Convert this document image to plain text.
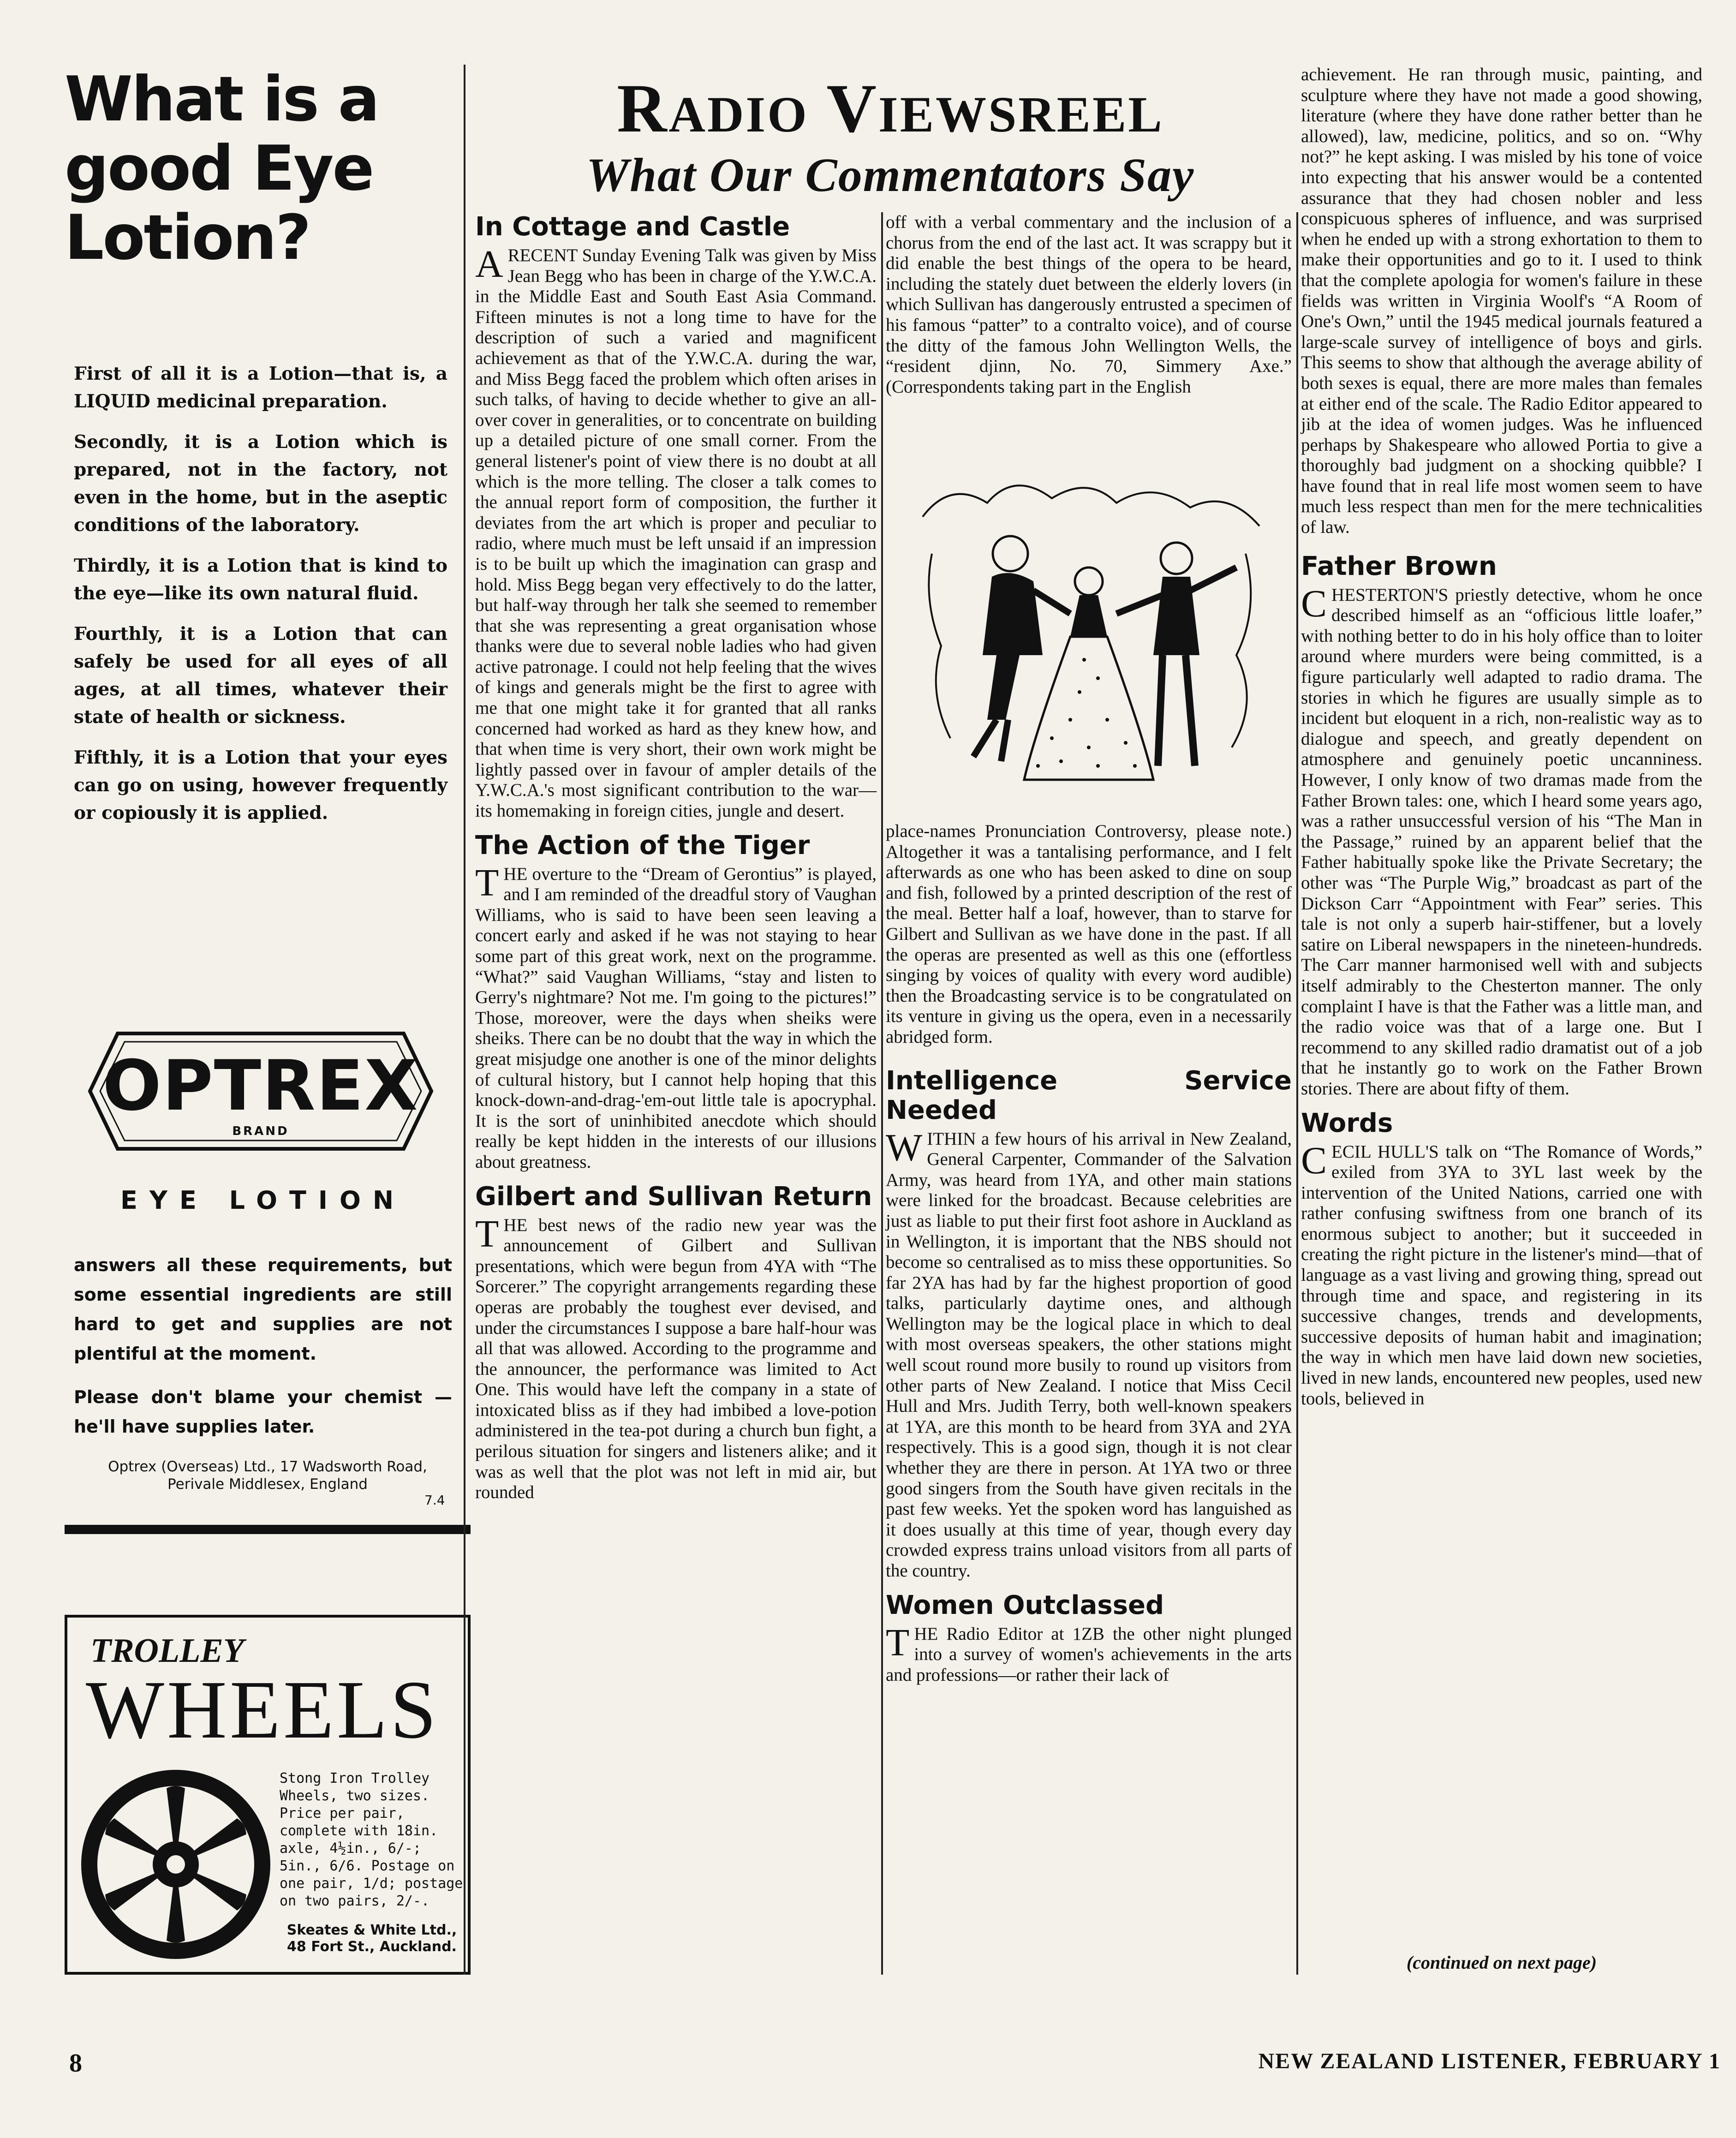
What is a good Eye Lotion?

First of all it is a Lotion—that is, a LIQUID medicinal preparation.

Secondly, it is a Lotion which is prepared, not in the factory, not even in the home, but in the aseptic conditions of the laboratory.

Thirdly, it is a Lotion that is kind to the eye—like its own natural fluid.

Fourthly, it is a Lotion that can safely be used for all eyes of all ages, at all times, whatever their state of health or sickness.

Fifthly, it is a Lotion that your eyes can go on using, however frequently or copiously it is applied.

OPTREX
BRAND
EYE LOTION

answers all these requirements, but some essential ingredients are still hard to get and supplies are not plentiful at the moment.

Please don't blame your chemist —he'll have supplies later.

Optrex (Overseas) Ltd., 17 Wadsworth Road, Perivale Middlesex, England
7.4
TROLLEY
WHEELS
Stong Iron Trolley Wheels, two sizes. Price per pair, complete with 18in. axle, 4½in., 6/-; 5in., 6/6. Postage on one pair, 1/d; postage on two pairs, 2/-.
Skeates & White Ltd., 48 Fort St., Auckland.
RADIO VIEWSREEL
What Our Commentators Say
In Cottage and Castle

ARECENT Sunday Evening Talk was given by Miss Jean Begg who has been in charge of the Y.W.C.A. in the Middle East and South East Asia Command. Fifteen minutes is not a long time to have for the description of such a varied and magnificent achievement as that of the Y.W.C.A. during the war, and Miss Begg faced the problem which often arises in such talks, of having to decide whether to give an all-over cover in generalities, or to concentrate on building up a detailed picture of one small corner. From the general listener's point of view there is no doubt at all which is the more telling. The closer a talk comes to the annual report form of composition, the further it deviates from the art which is proper and peculiar to radio, where much must be left unsaid if an impression is to be built up which the imagination can grasp and hold. Miss Begg began very effectively to do the latter, but half-way through her talk she seemed to remember that she was representing a great organisation whose thanks were due to several noble ladies who had given active patronage. I could not help feeling that the wives of kings and generals might be the first to agree with me that one might take it for granted that all ranks concerned had worked as hard as they knew how, and that when time is very short, their own work might be lightly passed over in favour of ampler details of the Y.W.C.A.'s most significant contribution to the war—its homemaking in foreign cities, jungle and desert.

The Action of the Tiger

THE overture to the “Dream of Gerontius” is played, and I am reminded of the dreadful story of Vaughan Williams, who is said to have been seen leaving a concert early and asked if he was not staying to hear some part of this great work, next on the programme. “What?” said Vaughan Williams, “stay and listen to Gerry's nightmare? Not me. I'm going to the pictures!” Those, moreover, were the days when sheiks were sheiks. There can be no doubt that the way in which the great misjudge one another is one of the minor delights of cultural history, but I cannot help hoping that this knock-down-and-drag-'em-out little tale is apocryphal. It is the sort of uninhibited anecdote which should really be kept hidden in the interests of our illusions about greatness.

Gilbert and Sullivan Return

THE best news of the radio new year was the announcement of Gilbert and Sullivan presentations, which were begun from 4YA with “The Sorcerer.” The copyright arrangements regarding these operas are probably the toughest ever devised, and under the circumstances I suppose a bare half-hour was all that was allowed. According to the programme and the announcer, the performance was limited to Act One. This would have left the company in a state of intoxicated bliss as if they had imbibed a love-potion administered in the tea-pot during a church bun fight, a perilous situation for singers and listeners alike; and it was as well that the plot was not left in mid air, but rounded

off with a verbal commentary and the inclusion of a chorus from the end of the last act. It was scrappy but it did enable the best things of the opera to be heard, including the stately duet between the elderly lovers (in which Sullivan has dangerously entrusted a specimen of his famous “patter” to a contralto voice), and of course the ditty of the famous John Wellington Wells, the “resident djinn, No. 70, Simmery Axe.” (Correspondents taking part in the English

place-names Pronunciation Controversy, please note.) Altogether it was a tantalising performance, and I felt afterwards as one who has been asked to dine on soup and fish, followed by a printed description of the rest of the meal. Better half a loaf, however, than to starve for Gilbert and Sullivan as we have done in the past. If all the operas are presented as well as this one (effortless singing by voices of quality with every word audible) then the Broadcasting service is to be congratulated on its venture in giving us the opera, even in a necessarily abridged form.

Intelligence Service Needed

WITHIN a few hours of his arrival in New Zealand, General Carpenter, Commander of the Salvation Army, was heard from 1YA, and other main stations were linked for the broadcast. Because celebrities are just as liable to put their first foot ashore in Auckland as in Wellington, it is important that the NBS should not become so centralised as to miss these opportunities. So far 2YA has had by far the highest proportion of good talks, particularly daytime ones, and although Wellington may be the logical place in which to deal with most overseas speakers, the other stations might well scout round more busily to round up visitors from other parts of New Zealand. I notice that Miss Cecil Hull and Mrs. Judith Terry, both well-known speakers at 1YA, are this month to be heard from 3YA and 2YA respectively. This is a good sign, though it is not clear whether they are there in person. At 1YA two or three good singers from the South have given recitals in the past few weeks. Yet the spoken word has languished as it does usually at this time of year, though every day crowded express trains unload visitors from all parts of the country.

Women Outclassed

THE Radio Editor at 1ZB the other night plunged into a survey of women's achievements in the arts and professions—or rather their lack of

achievement. He ran through music, painting, and sculpture where they have not made a good showing, literature (where they have done rather better than he allowed), law, medicine, politics, and so on. “Why not?” he kept asking. I was misled by his tone of voice into expecting that his answer would be a contented assurance that they had chosen nobler and less conspicuous spheres of influence, and was surprised when he ended up with a strong exhortation to them to make their opportunities and go to it. I used to think that the complete apologia for women's failure in these fields was written in Virginia Woolf's “A Room of One's Own,” until the 1945 medical journals featured a large-scale survey of intelligence of boys and girls. This seems to show that although the average ability of both sexes is equal, there are more males than females at either end of the scale. The Radio Editor appeared to jib at the idea of women judges. Was he influenced perhaps by Shakespeare who allowed Portia to give a thoroughly bad judgment on a shocking quibble? I have found that in real life most women seem to have much less respect than men for the mere technicalities of law.

Father Brown

CHESTERTON'S priestly detective, whom he once described himself as an “officious little loafer,” with nothing better to do in his holy office than to loiter around where murders were being committed, is a figure particularly well adapted to radio drama. The stories in which he figures are usually simple as to incident but eloquent in a rich, non-realistic way as to dialogue and speech, and greatly dependent on atmosphere and genuinely poetic uncanniness. However, I only know of two dramas made from the Father Brown tales: one, which I heard some years ago, was a rather unsuccessful version of his “The Man in the Passage,” ruined by an apparent belief that the Father habitually spoke like the Private Secretary; the other was “The Purple Wig,” broadcast as part of the Dickson Carr “Appointment with Fear” series. This tale is not only a superb hair-stiffener, but a lovely satire on Liberal newspapers in the nineteen-hundreds. The Carr manner harmonised well with and subjects itself admirably to the Chesterton manner. The only complaint I have is that the Father was a little man, and the radio voice was that of a large one. But I recommend to any skilled radio dramatist out of a job that he instantly go to work on the Father Brown stories. There are about fifty of them.

Words

CECIL HULL'S talk on “The Romance of Words,” exiled from 3YA to 3YL last week by the intervention of the United Nations, carried one with rather confusing swiftness from one branch of its enormous subject to another; but it succeeded in creating the right picture in the listener's mind—that of language as a vast living and growing thing, spread out through time and space, and registering in its successive changes, trends and developments, successive deposits of human habit and imagination; the way in which men have laid down new societies, lived in new lands, encountered new peoples, used new tools, believed in

(continued on next page)
8	NEW ZEALAND LISTENER, FEBRUARY 1
